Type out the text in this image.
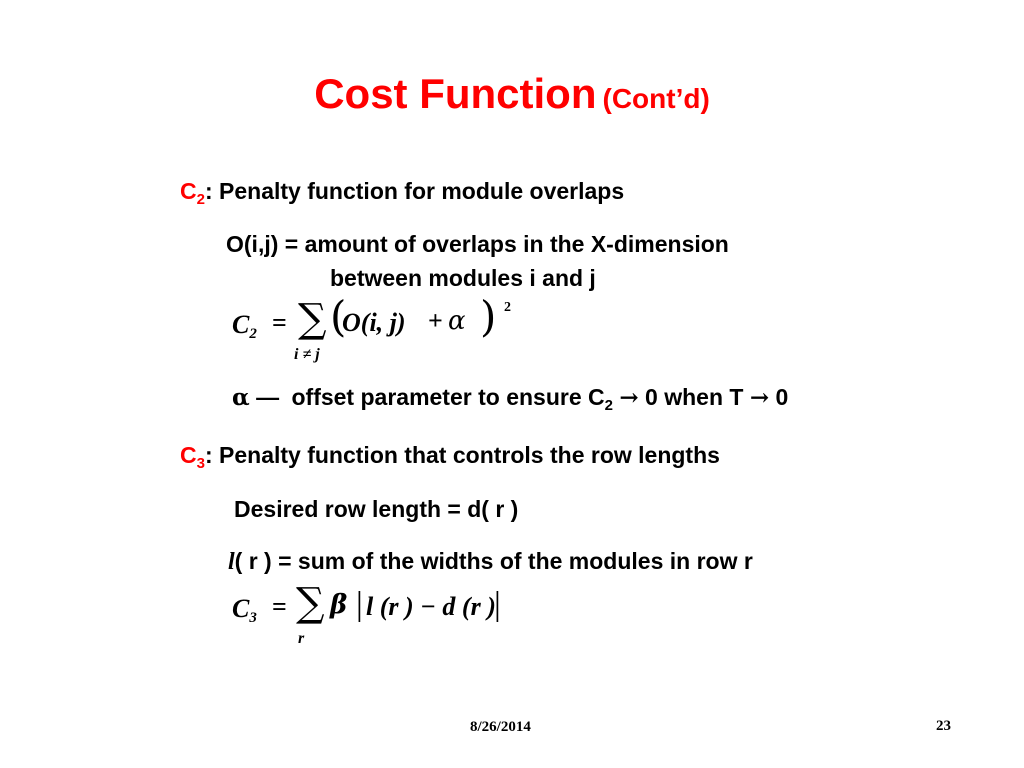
Cost Function (Cont’d)
$C_2$: Penalty function for module overlaps
O(i,j) = amount of overlaps in the X-dimension
between modules i and j
$C_2$ = ∑ (
O(i, j) + α ) 2
i ≠ j
α — offset parameter to ensure $C_2 \to 0$ when T → 0
$C_3$: Penalty function that controls the row lengths
Desired row length = d( r )
l( r ) = sum of the widths of the modules in row r
$C_3$ = ∑ β | l (r ) − d (r )
|
r
8/26/2014	23
